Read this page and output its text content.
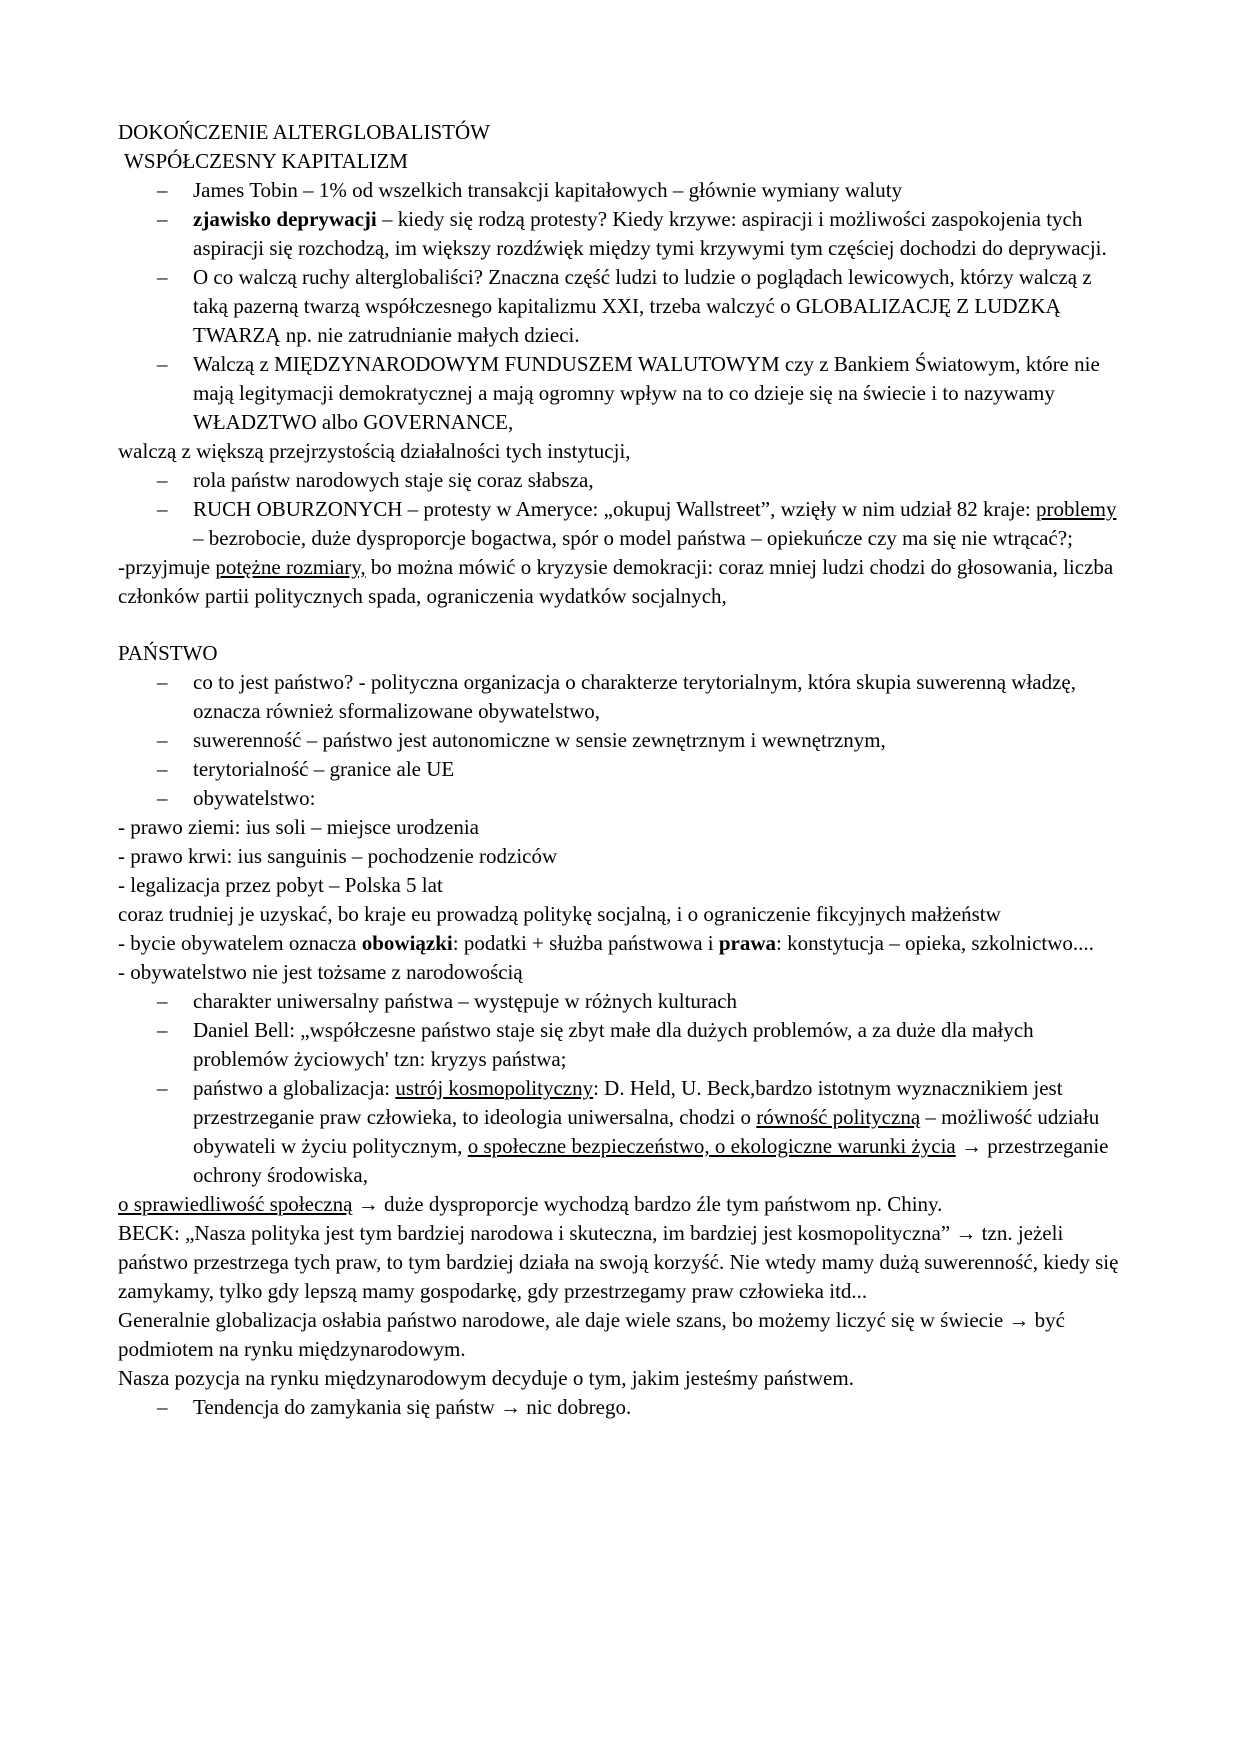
DOKOŃCZENIE ALTERGLOBALISTÓW
WSPÓŁCZESNY KAPITALIZM
– James Tobin – 1% od wszelkich transakcji kapitałowych – głównie wymiany waluty
– zjawisko deprywacji – kiedy się rodzą protesty? Kiedy krzywe: aspiracji i możliwości zaspokojenia tych aspiracji się rozchodzą, im większy rozdźwięk między tymi krzywymi tym częściej dochodzi do deprywacji.
– O co walczą ruchy alterglobaliści? Znaczna część ludzi to ludzie o poglądach lewicowych, którzy walczą z taką pazerną twarzą współczesnego kapitalizmu XXI, trzeba walczyć o GLOBALIZACJĘ Z LUDZKĄ TWARZĄ np. nie zatrudnianie małych dzieci.
– Walczą z MIĘDZYNARODOWYM FUNDUSZEM WALUTOWYM czy z Bankiem Światowym, które nie mają legitymacji demokratycznej a mają ogromny wpływ na to co dzieje się na świecie i to nazywamy WŁADZTWO albo GOVERNANCE,
walczą z większą przejrzystością działalności tych instytucji,
– rola państw narodowych staje się coraz słabsza,
– RUCH OBURZONYCH – protesty w Ameryce: „okupuj Wallstreet”, wzięły w nim udział 82 kraje: problemy – bezrobocie, duże dysproporcje bogactwa, spór o model państwa – opiekuńcze czy ma się nie wtrącać?;
-przyjmuje potężne rozmiary, bo można mówić o kryzysie demokracji: coraz mniej ludzi chodzi do głosowania, liczba członków partii politycznych spada, ograniczenia wydatków socjalnych,
PAŃSTWO
– co to jest państwo? - polityczna organizacja o charakterze terytorialnym, która skupia suwerenną władzę, oznacza również sformalizowane obywatelstwo,
– suwerenność – państwo jest autonomiczne w sensie zewnętrznym i wewnętrznym,
– terytorialność – granice ale UE
– obywatelstwo:
- prawo ziemi: ius soli – miejsce urodzenia
- prawo krwi: ius sanguinis – pochodzenie rodziców
- legalizacja przez pobyt – Polska 5 lat
coraz trudniej je uzyskać, bo kraje eu prowadzą politykę socjalną, i o ograniczenie fikcyjnych małżeństw
- bycie obywatelem oznacza obowiązki: podatki + służba państwowa i prawa: konstytucja – opieka, szkolnictwo....
- obywatelstwo nie jest tożsame z narodowością
– charakter uniwersalny państwa – występuje w różnych kulturach
– Daniel Bell: „współczesne państwo staje się zbyt małe dla dużych problemów, a za duże dla małych problemów życiowych' tzn: kryzys państwa;
– państwo a globalizacja: ustrój kosmopolityczny: D. Held, U. Beck,bardzo istotnym wyznacznikiem jest przestrzeganie praw człowieka, to ideologia uniwersalna, chodzi o równość polityczną – możliwość udziału obywateli w życiu politycznym, o społeczne bezpieczeństwo, o ekologiczne warunki życia → przestrzeganie ochrony środowiska,
o sprawiedliwość społeczną → duże dysproporcje wychodzą bardzo źle tym państwom np. Chiny.
BECK: „Nasza polityka jest tym bardziej narodowa i skuteczna, im bardziej jest kosmopolityczna” → tzn. jeżeli państwo przestrzega tych praw, to tym bardziej działa na swoją korzyść. Nie wtedy mamy dużą suwerenność, kiedy się zamykamy, tylko gdy lepszą mamy gospodarkę, gdy przestrzegamy praw człowieka itd...
Generalnie globalizacja osłabia państwo narodowe, ale daje wiele szans, bo możemy liczyć się w świecie → być podmiotem na rynku międzynarodowym.
Nasza pozycja na rynku międzynarodowym decyduje o tym, jakim jesteśmy państwem.
– Tendencja do zamykania się państw → nic dobrego.
